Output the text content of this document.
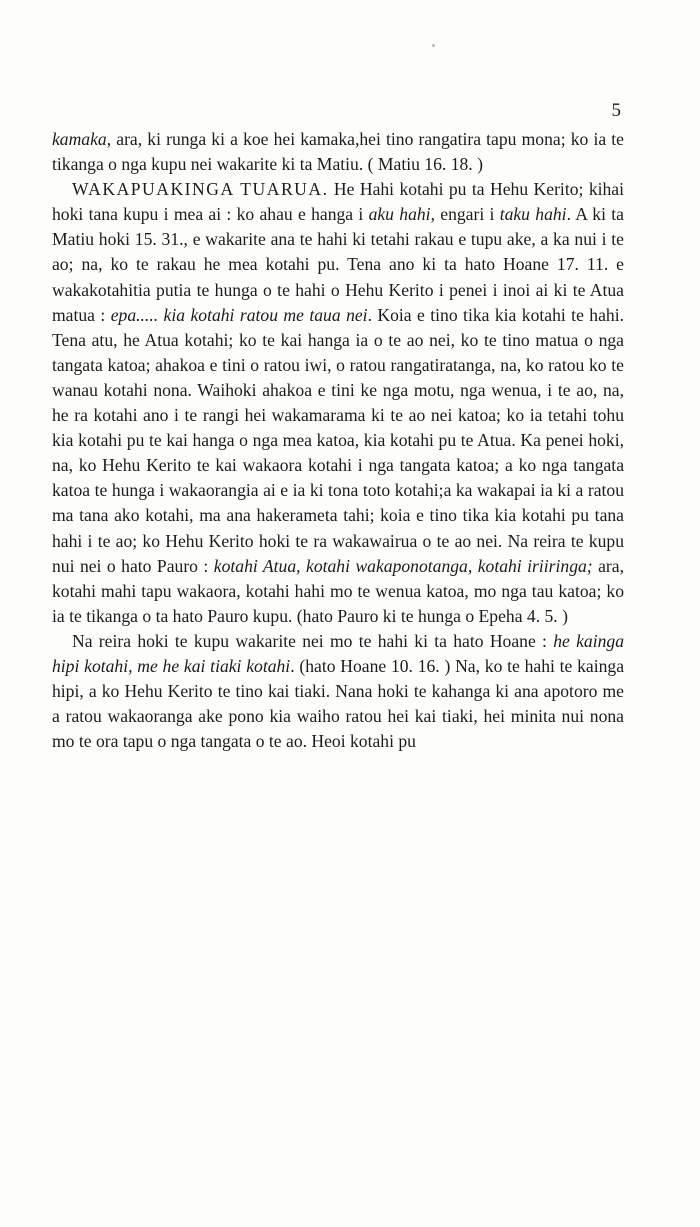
5

kamaka, ara, ki runga ki a koe hei kamaka,hei tino rangatira tapu mona; ko ia te tikanga o nga kupu nei wakarite ki ta Matiu. ( Matiu 16. 18. )

WAKAPUAKINGA TUARUA. He Hahi kotahi pu ta Hehu Kerito; kihai hoki tana kupu i mea ai : ko ahau e hanga i aku hahi, engari i taku hahi. A ki ta Matiu hoki 15. 31., e wakarite ana te hahi ki tetahi rakau e tupu ake, a ka nui i te ao; na, ko te rakau he mea kotahi pu. Tena ano ki ta hato Hoane 17. 11. e wakakotahitia putia te hunga o te hahi o Hehu Kerito i penei i inoi ai ki te Atua matua : epa..... kia kotahi ratou me taua nei. Koia e tino tika kia kotahi te hahi. Tena atu, he Atua kotahi; ko te kai hanga ia o te ao nei, ko te tino matua o nga tangata katoa; ahakoa e tini o ratou iwi, o ratou rangatiratanga, na, ko ratou ko te wanau kotahi nona. Waihoki ahakoa e tini ke nga motu, nga wenua, i te ao, na, he ra kotahi ano i te rangi hei wakamarama ki te ao nei katoa; ko ia tetahi tohu kia kotahi pu te kai hanga o nga mea katoa, kia kotahi pu te Atua. Ka penei hoki, na, ko Hehu Kerito te kai wakaora kotahi i nga tangata katoa; a ko nga tangata katoa te hunga i wakaorangia ai e ia ki tona toto kotahi;a ka wakapai ia ki a ratou ma tana ako kotahi, ma ana hakerameta tahi; koia e tino tika kia kotahi pu tana hahi i te ao; ko Hehu Kerito hoki te ra wakawairua o te ao nei. Na reira te kupu nui nei o hato Pauro : kotahi Atua, kotahi wakaponotanga, kotahi iriiringa; ara, kotahi mahi tapu wakaora, kotahi hahi mo te wenua katoa, mo nga tau katoa; ko ia te tikanga o ta hato Pauro kupu. (hato Pauro ki te hunga o Epeha 4. 5. )

Na reira hoki te kupu wakarite nei mo te hahi ki ta hato Hoane : he kainga hipi kotahi, me he kai tiaki kotahi. (hato Hoane 10. 16. ) Na, ko te hahi te kainga hipi, a ko Hehu Kerito te tino kai tiaki. Nana hoki te kahanga ki ana apotoro me a ratou wakaoranga ake pono kia waiho ratou hei kai tiaki, hei minita nui nona mo te ora tapu o nga tangata o te ao. Heoi kotahi pu
